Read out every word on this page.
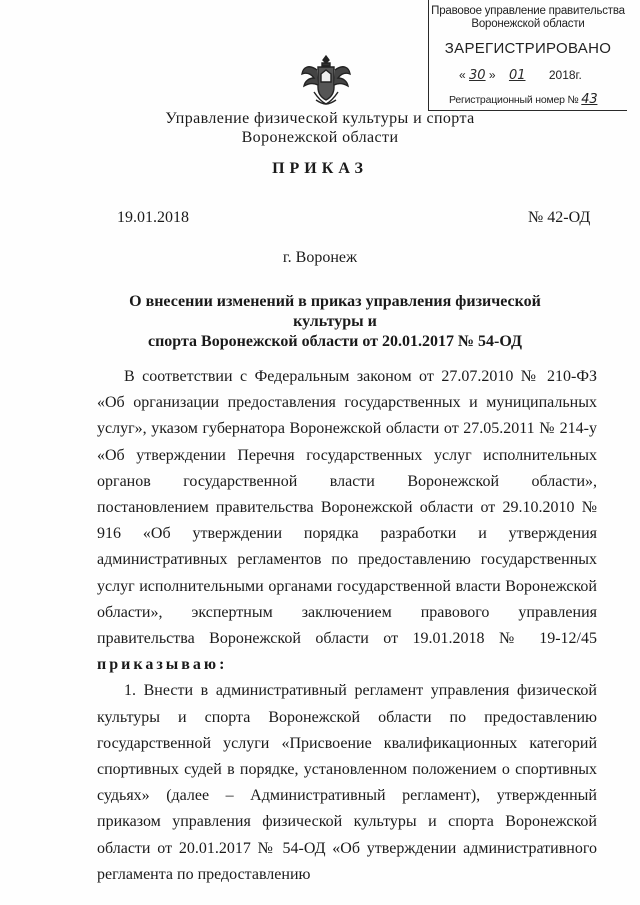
Правовое управление правительства
Воронежской области
ЗАРЕГИСТРИРОВАНО
« 30 » 01 2018г.
Регистрационный номер № 43
Управление физической культуры и спорта
Воронежской области
ПРИКАЗ
19.01.2018	№ 42-ОД
г. Воронеж
О внесении изменений в приказ управления физической культуры и
спорта Воронежской области от 20.01.2017 № 54-ОД

В соответствии с Федеральным законом от 27.07.2010 № 210-ФЗ «Об организации предоставления государственных и муниципальных услуг», указом губернатора Воронежской области от 27.05.2011 № 214-у «Об утверждении Перечня государственных услуг исполнительных органов государственной власти Воронежской области», постановлением правительства Воронежской области от 29.10.2010 № 916 «Об утверждении порядка разработки и утверждения административных регламентов по предоставлению государственных услуг исполнительными органами государственной власти Воронежской области», экспертным заключением правового управления правительства Воронежской области от 19.01.2018 № 19-12/45 приказываю:

1. Внести в административный регламент управления физической культуры и спорта Воронежской области по предоставлению государственной услуги «Присвоение квалификационных категорий спортивных судей в порядке, установленном положением о спортивных судьях» (далее – Административный регламент), утвержденный приказом управления физической культуры и спорта Воронежской области от 20.01.2017 № 54-ОД «Об утверждении административного регламента по предоставлению
